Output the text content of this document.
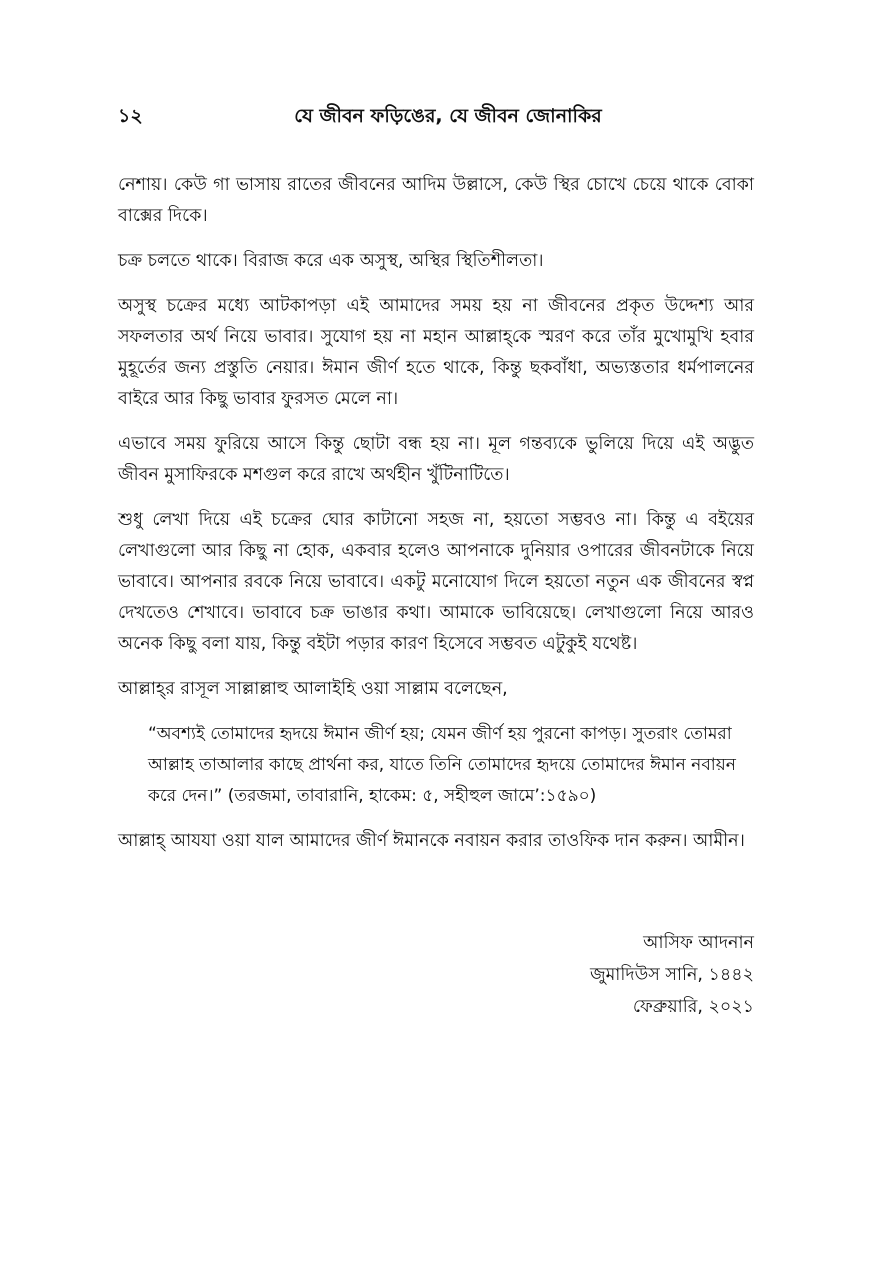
১২	যে জীবন ফড়িঙের, যে জীবন জোনাকির

নেশায়। কেউ গা ভাসায় রাতের জীবনের আদিম উল্লাসে, কেউ স্থির চোখে চেয়ে থাকে বোকা বাক্সের দিকে।

চক্র চলতে থাকে। বিরাজ করে এক অসুস্থ, অস্থির স্থিতিশীলতা।

অসুস্থ চক্রের মধ্যে আটকাপড়া এই আমাদের সময় হয় না জীবনের প্রকৃত উদ্দেশ্য আর সফলতার অর্থ নিয়ে ভাবার। সুযোগ হয় না মহান আল্লাহ্‌কে স্মরণ করে তাঁর মুখোমুখি হবার মুহূর্তের জন্য প্রস্তুতি নেয়ার। ঈমান জীর্ণ হতে থাকে, কিন্তু ছকবাঁধা, অভ্যস্ততার ধর্মপালনের বাইরে আর কিছু ভাবার ফুরসত মেলে না।

এভাবে সময় ফুরিয়ে আসে কিন্তু ছোটা বন্ধ হয় না। মূল গন্তব্যকে ভুলিয়ে দিয়ে এই অদ্ভুত জীবন মুসাফিরকে মশগুল করে রাখে অর্থহীন খুঁটিনাটিতে।

শুধু লেখা দিয়ে এই চক্রের ঘোর কাটানো সহজ না, হয়তো সম্ভবও না। কিন্তু এ বইয়ের লেখাগুলো আর কিছু না হোক, একবার হলেও আপনাকে দুনিয়ার ওপারের জীবনটাকে নিয়ে ভাবাবে। আপনার রবকে নিয়ে ভাবাবে। একটু মনোযোগ দিলে হয়তো নতুন এক জীবনের স্বপ্ন দেখতেও শেখাবে। ভাবাবে চক্র ভাঙার কথা। আমাকে ভাবিয়েছে। লেখাগুলো নিয়ে আরও অনেক কিছু বলা যায়, কিন্তু বইটা পড়ার কারণ হিসেবে সম্ভবত এটুকুই যথেষ্ট।

আল্লাহ্‌র রাসূল সাল্লাল্লাহু আলাইহি ওয়া সাল্লাম বলেছেন,

“অবশ্যই তোমাদের হৃদয়ে ঈমান জীর্ণ হয়; যেমন জীর্ণ হয় পুরনো কাপড়। সুতরাং তোমরা আল্লাহ তাআলার কাছে প্রার্থনা কর, যাতে তিনি তোমাদের হৃদয়ে তোমাদের ঈমান নবায়ন করে দেন।” (তরজমা, তাবারানি, হাকেম: ৫, সহীহুল জামে’:১৫৯০)

আল্লাহ্‌ আযযা ওয়া যাল আমাদের জীর্ণ ঈমানকে নবায়ন করার তাওফিক দান করুন। আমীন।

আসিফ আদনান
জুমাদিউস সানি, ১৪৪২
ফেব্রুয়ারি, ২০২১
